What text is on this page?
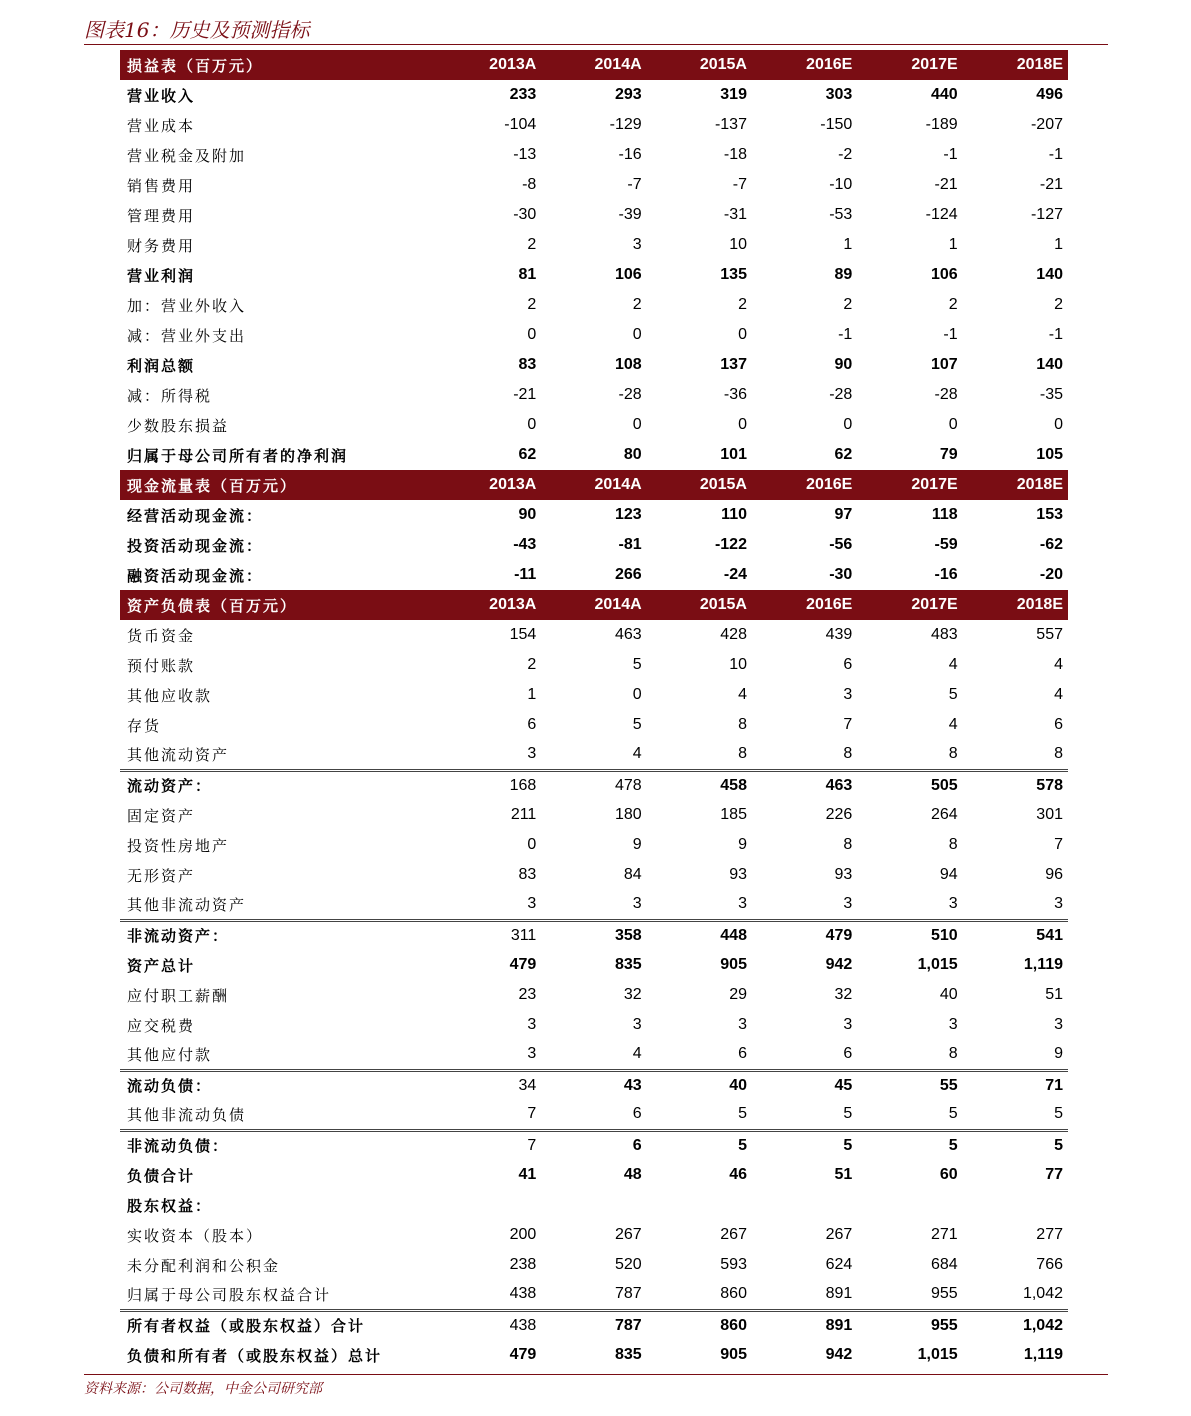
图表16：历史及预测指标
损益表（百万元）	2013A	2014A	2015A	2016E	2017E	2018E
营业收入	233	293	319	303	440	496
营业成本	-104	-129	-137	-150	-189	-207
营业税金及附加	-13	-16	-18	-2	-1	-1
销售费用	-8	-7	-7	-10	-21	-21
管理费用	-30	-39	-31	-53	-124	-127
财务费用	2	3	10	1	1	1
营业利润	81	106	135	89	106	140
加：营业外收入	2	2	2	2	2	2
减：营业外支出	0	0	0	-1	-1	-1
利润总额	83	108	137	90	107	140
减：所得税	-21	-28	-36	-28	-28	-35
少数股东损益	0	0	0	0	0	0
归属于母公司所有者的净利润	62	80	101	62	79	105
现金流量表（百万元）	2013A	2014A	2015A	2016E	2017E	2018E
经营活动现金流：	90	123	110	97	118	153
投资活动现金流：	-43	-81	-122	-56	-59	-62
融资活动现金流：	-11	266	-24	-30	-16	-20
资产负债表（百万元）	2013A	2014A	2015A	2016E	2017E	2018E
货币资金	154	463	428	439	483	557
预付账款	2	5	10	6	4	4
其他应收款	1	0	4	3	5	4
存货	6	5	8	7	4	6
其他流动资产	3	4	8	8	8	8
流动资产：	168	478	458	463	505	578
固定资产	211	180	185	226	264	301
投资性房地产	0	9	9	8	8	7
无形资产	83	84	93	93	94	96
其他非流动资产	3	3	3	3	3	3
非流动资产：	311	358	448	479	510	541
资产总计	479	835	905	942	1,015	1,119
应付职工薪酬	23	32	29	32	40	51
应交税费	3	3	3	3	3	3
其他应付款	3	4	6	6	8	9
流动负债：	34	43	40	45	55	71
其他非流动负债	7	6	5	5	5	5
非流动负债：	7	6	5	5	5	5
负债合计	41	48	46	51	60	77
股东权益：						
实收资本（股本）	200	267	267	267	271	277
未分配利润和公积金	238	520	593	624	684	766
归属于母公司股东权益合计	438	787	860	891	955	1,042
所有者权益（或股东权益）合计	438	787	860	891	955	1,042
负债和所有者（或股东权益）总计	479	835	905	942	1,015	1,119
资料来源：公司数据，中金公司研究部
